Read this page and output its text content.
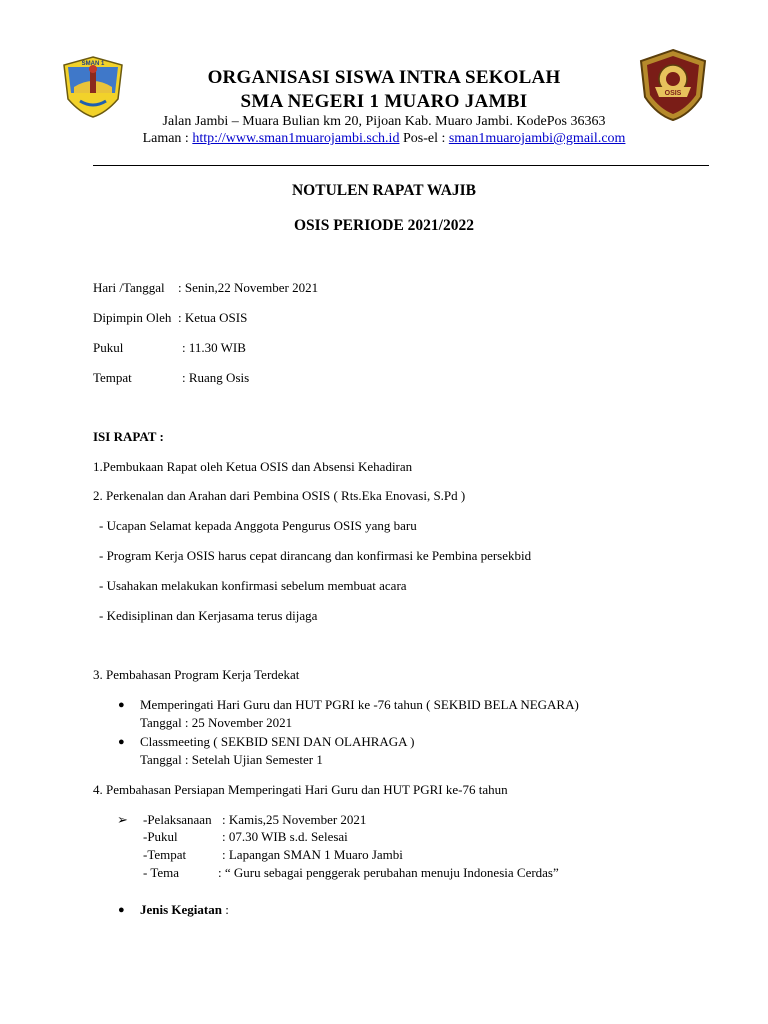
SMAN 1
OSIS
ORGANISASI SISWA INTRA SEKOLAH
SMA NEGERI 1 MUARO JAMBI
Jalan Jambi – Muara Bulian km 20, Pijoan Kab. Muaro Jambi. KodePos 36363
Laman : http://www.sman1muarojambi.sch.id Pos-el : sman1muarojambi@gmail.com
NOTULEN RAPAT WAJIB
OSIS PERIODE 2021/2022
Hari /Tanggal : Senin,22 November 2021
Dipimpin Oleh : Ketua OSIS
Pukul	: 11.30 WIB
Tempat	: Ruang Osis
ISI RAPAT :
1.Pembukaan Rapat oleh Ketua OSIS dan Absensi Kehadiran
2. Perkenalan dan Arahan dari Pembina OSIS ( Rts.Eka Enovasi, S.Pd )
- Ucapan Selamat kepada Anggota Pengurus OSIS yang baru
- Program Kerja OSIS harus cepat dirancang dan konfirmasi ke Pembina persekbid
- Usahakan melakukan konfirmasi sebelum membuat acara
- Kedisiplinan dan Kerjasama terus dijaga
3. Pembahasan Program Kerja Terdekat
● Memperingati Hari Guru dan HUT PGRI ke -76 tahun ( SEKBID BELA NEGARA)
Tanggal : 25 November 2021
● Classmeeting ( SEKBID SENI DAN OLAHRAGA )
Tanggal : Setelah Ujian Semester 1
4. Pembahasan Persiapan Memperingati Hari Guru dan HUT PGRI ke-76 tahun
➢ -Pelaksanaan : Kamis,25 November 2021
-Pukul	: 07.30 WIB s.d. Selesai
-Tempat	: Lapangan SMAN 1 Muaro Jambi
- Tema	: “ Guru sebagai penggerak perubahan menuju Indonesia Cerdas”
● Jenis Kegiatan :
